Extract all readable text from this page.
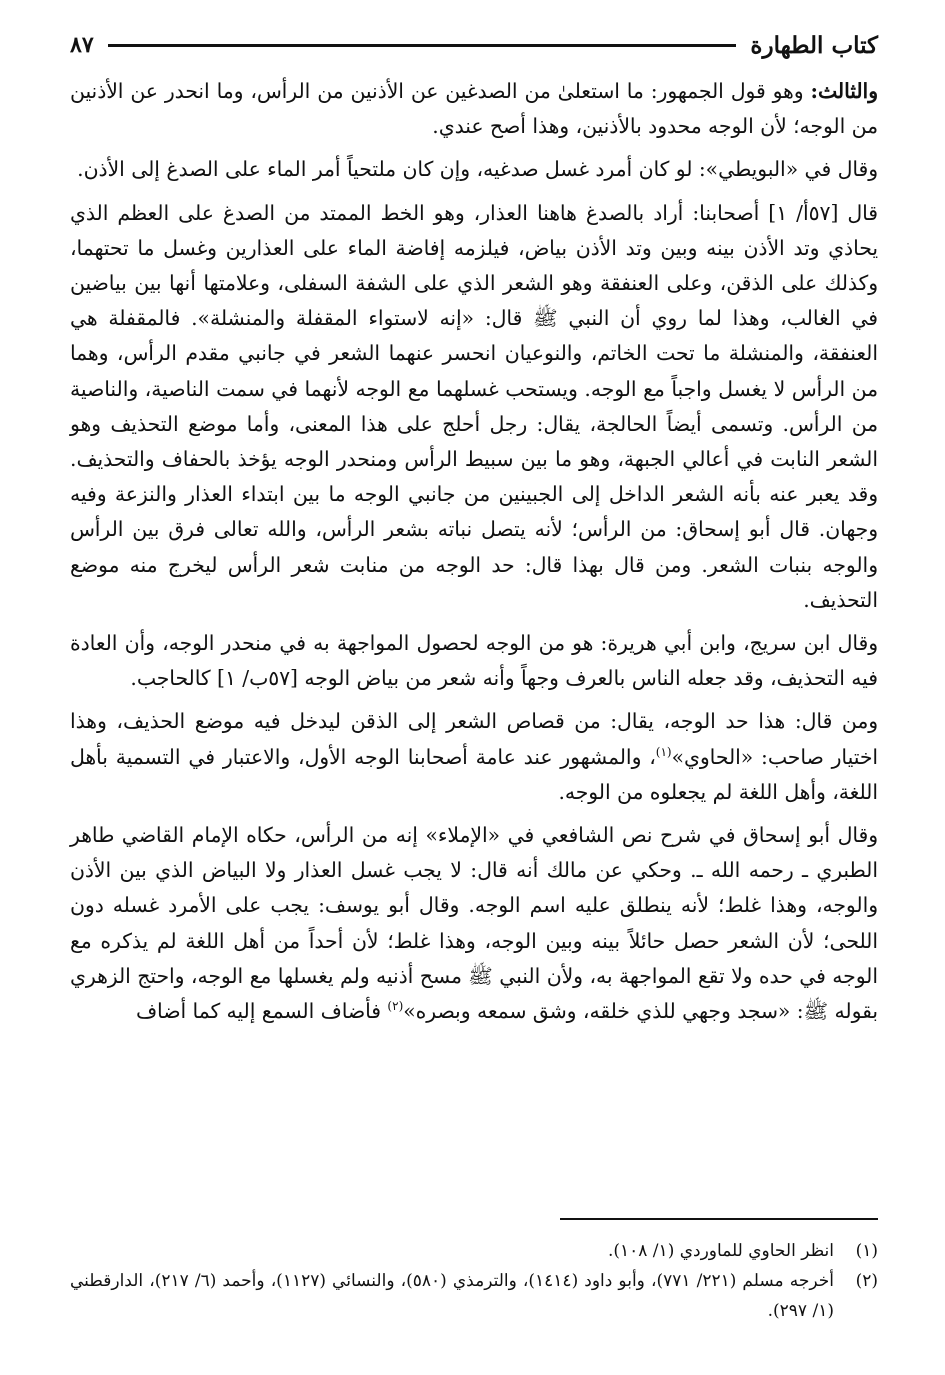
كتاب الطهارة
٨٧

والثالث: وهو قول الجمهور: ما استعلىٰ من الصدغين عن الأذنين من الرأس، وما انحدر عن الأذنين من الوجه؛ لأن الوجه محدود بالأذنين، وهذا أصح عندي.

وقال في «البويطي»: لو كان أمرد غسل صدغيه، وإن كان ملتحياً أمر الماء على الصدغ إلى الأذن.

قال [٥٧أ/ ١] أصحابنا: أراد بالصدغ هاهنا العذار، وهو الخط الممتد من الصدغ على العظم الذي يحاذي وتد الأذن بينه وبين وتد الأذن بياض، فيلزمه إفاضة الماء على العذارين وغسل ما تحتهما، وكذلك على الذقن، وعلى العنفقة وهو الشعر الذي على الشفة السفلى، وعلامتها أنها بين بياضين في الغالب، وهذا لما روي أن النبي ﷺ قال: «إنه لاستواء المقفلة والمنشلة». فالمقفلة هي العنفقة، والمنشلة ما تحت الخاتم، والنوعيان انحسر عنهما الشعر في جانبي مقدم الرأس، وهما من الرأس لا يغسل واجباً مع الوجه. ويستحب غسلهما مع الوجه لأنهما في سمت الناصية، والناصية من الرأس. وتسمى أيضاً الحالجة، يقال: رجل أحلج على هذا المعنى، وأما موضع التحذيف وهو الشعر النابت في أعالي الجبهة، وهو ما بين سبيط الرأس ومنحدر الوجه يؤخذ بالحفاف والتحذيف. وقد يعبر عنه بأنه الشعر الداخل إلى الجبينين من جانبي الوجه ما بين ابتداء العذار والنزعة وفيه وجهان. قال أبو إسحاق: من الرأس؛ لأنه يتصل نباته بشعر الرأس، والله تعالى فرق بين الرأس والوجه بنبات الشعر. ومن قال بهذا قال: حد الوجه من منابت شعر الرأس ليخرج منه موضع التحذيف.

وقال ابن سريج، وابن أبي هريرة: هو من الوجه لحصول المواجهة به في منحدر الوجه، وأن العادة فيه التحذيف، وقد جعله الناس بالعرف وجهاً وأنه شعر من بياض الوجه [٥٧ب/ ١] كالحاجب.

ومن قال: هذا حد الوجه، يقال: من قصاص الشعر إلى الذقن ليدخل فيه موضع الحذيف، وهذا اختيار صاحب: «الحاوي»$^{(١)}$، والمشهور عند عامة أصحابنا الوجه الأول، والاعتبار في التسمية بأهل اللغة، وأهل اللغة لم يجعلوه من الوجه.

وقال أبو إسحاق في شرح نص الشافعي في «الإملاء» إنه من الرأس، حكاه الإمام القاضي طاهر الطبري ـ رحمه الله ـ. وحكي عن مالك أنه قال: لا يجب غسل العذار ولا البياض الذي بين الأذن والوجه، وهذا غلط؛ لأنه ينطلق عليه اسم الوجه. وقال أبو يوسف: يجب على الأمرد غسله دون اللحى؛ لأن الشعر حصل حائلاً بينه وبين الوجه، وهذا غلط؛ لأن أحداً من أهل اللغة لم يذكره مع الوجه في حده ولا تقع المواجهة به، ولأن النبي ﷺ مسح أذنيه ولم يغسلها مع الوجه، واحتج الزهري بقوله ﷺ: «سجد وجهي للذي خلقه، وشق سمعه وبصره»$^{(٢)}$ فأضاف السمع إليه كما أضاف

(١)
انظر الحاوي للماوردي (١/ ١٠٨).

(٢)
أخرجه مسلم (٢٢١/ ٧٧١)، وأبو داود (١٤١٤)، والترمذي (٥٨٠)، والنسائي (١١٢٧)، وأحمد (٦/ ٢١٧)، الدارقطني (١/ ٢٩٧).
